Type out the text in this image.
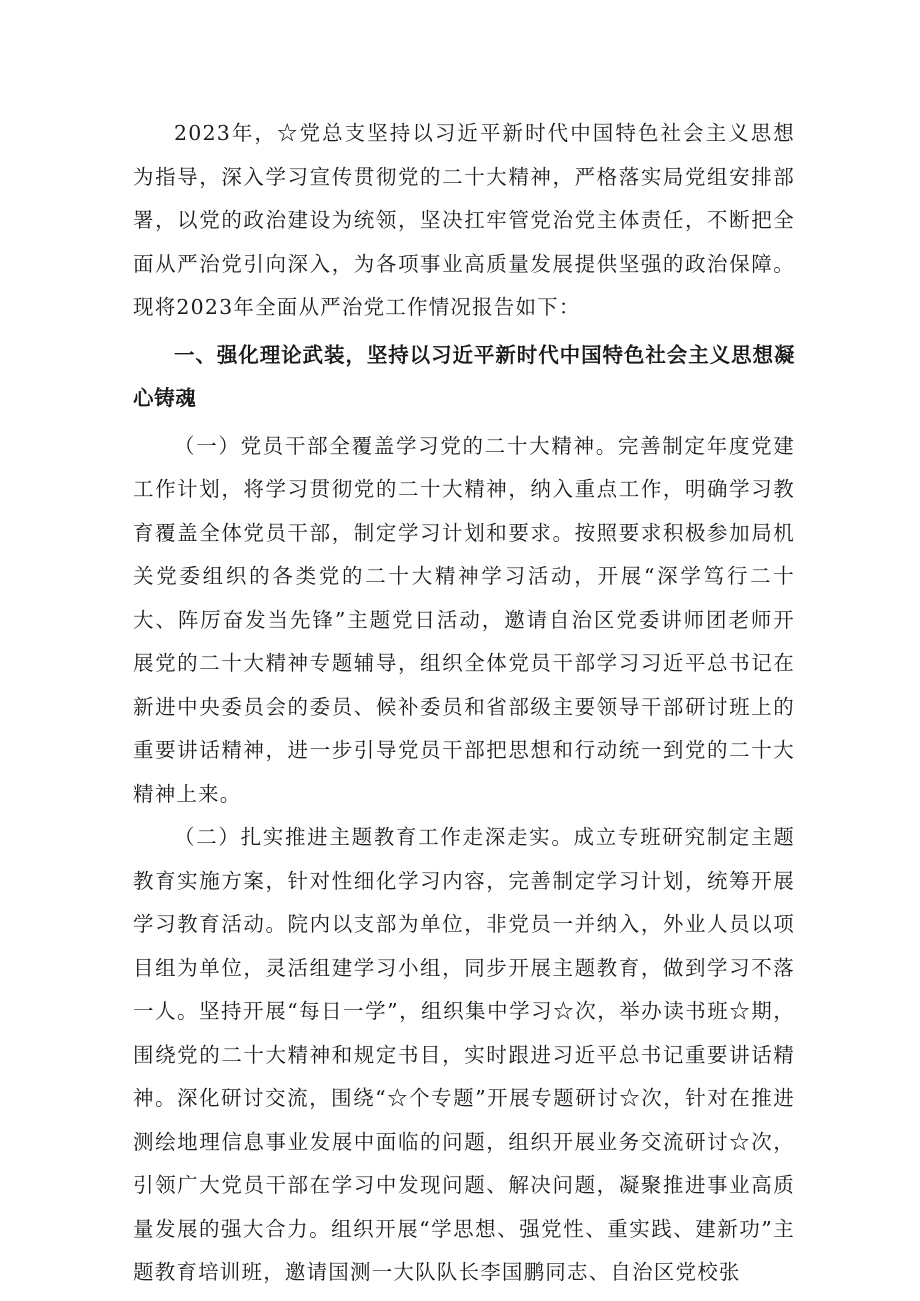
2023年，☆党总支坚持以习近平新时代中国特色社会主义思想为指导，深入学习宣传贯彻党的二十大精神，严格落实局党组安排部署，以党的政治建设为统领，坚决扛牢管党治党主体责任，不断把全面从严治党引向深入，为各项事业高质量发展提供坚强的政治保障。现将2023年全面从严治党工作情况报告如下：

一、强化理论武装，坚持以习近平新时代中国特色社会主义思想凝心铸魂

（一）党员干部全覆盖学习党的二十大精神。完善制定年度党建工作计划，将学习贯彻党的二十大精神，纳入重点工作，明确学习教育覆盖全体党员干部，制定学习计划和要求。按照要求积极参加局机关党委组织的各类党的二十大精神学习活动，开展“深学笃行二十大、阵厉奋发当先锋”主题党日活动，邀请自治区党委讲师团老师开展党的二十大精神专题辅导，组织全体党员干部学习习近平总书记在新进中央委员会的委员、候补委员和省部级主要领导干部研讨班上的重要讲话精神，进一步引导党员干部把思想和行动统一到党的二十大精神上来。

（二）扎实推进主题教育工作走深走实。成立专班研究制定主题教育实施方案，针对性细化学习内容，完善制定学习计划，统筹开展学习教育活动。院内以支部为单位，非党员一并纳入，外业人员以项目组为单位，灵活组建学习小组，同步开展主题教育，做到学习不落一人。坚持开展“每日一学”，组织集中学习☆次，举办读书班☆期，围绕党的二十大精神和规定书目，实时跟进习近平总书记重要讲话精神。深化研讨交流，围绕“☆个专题”开展专题研讨☆次，针对在推进测绘地理信息事业发展中面临的问题，组织开展业务交流研讨☆次，引领广大党员干部在学习中发现问题、解决问题，凝聚推进事业高质量发展的强大合力。组织开展“学思想、强党性、重实践、建新功”主题教育培训班，邀请国测一大队队长李国鹏同志、自治区党校张
